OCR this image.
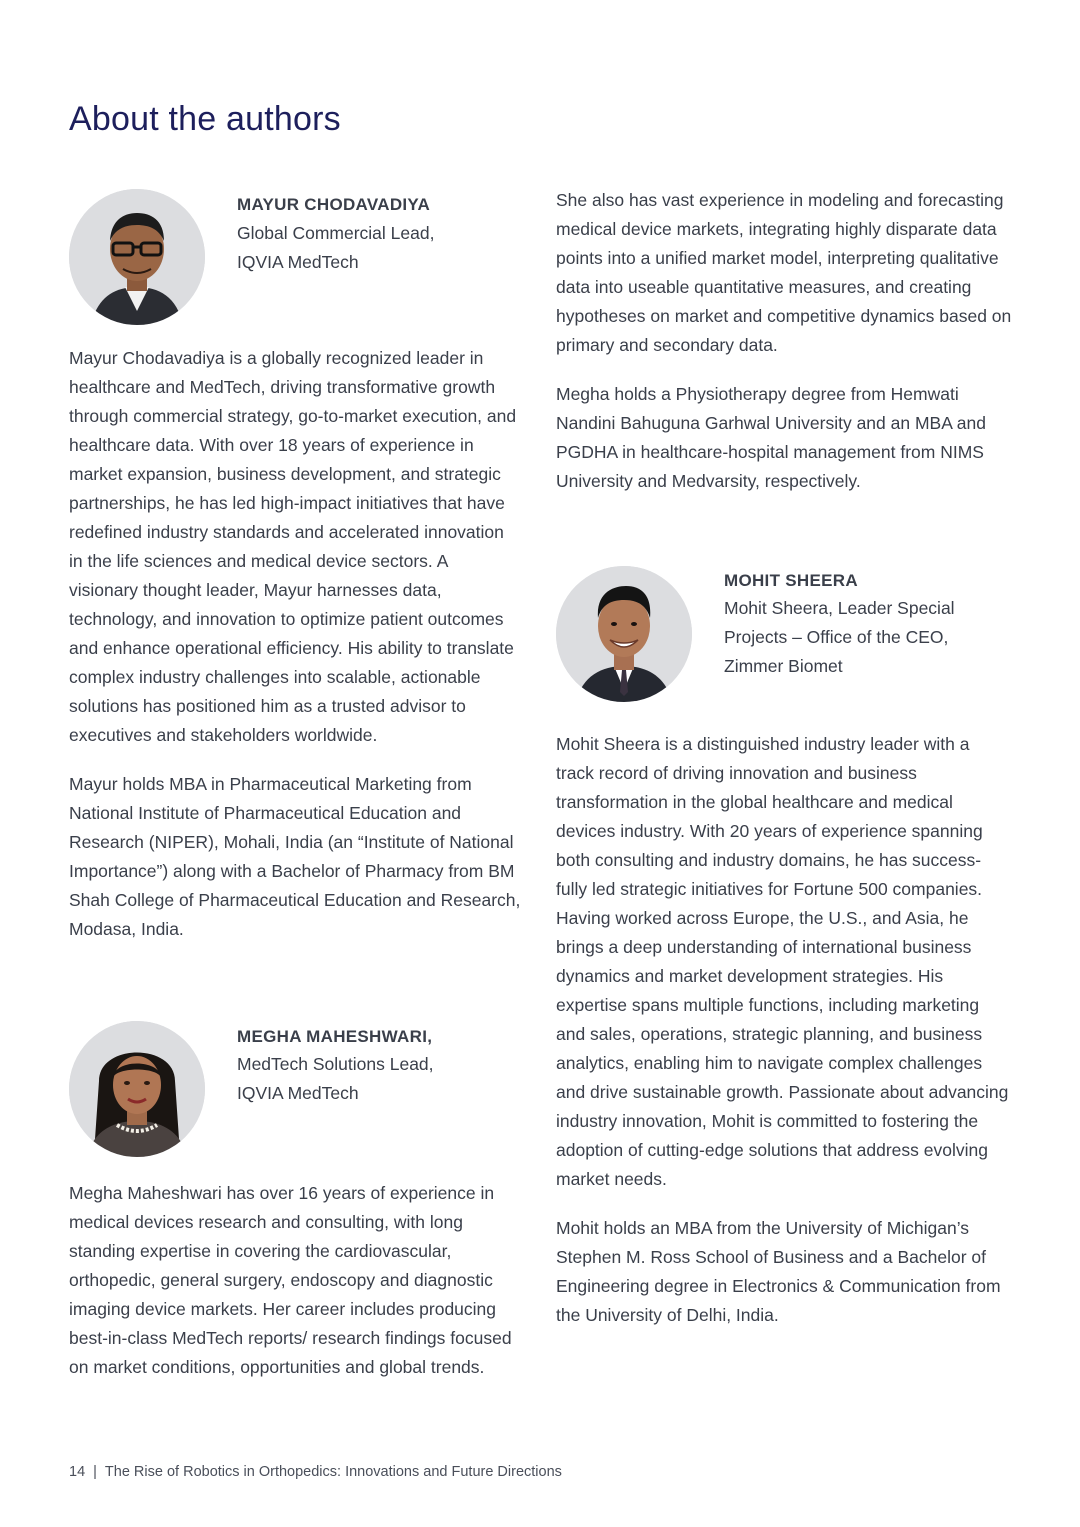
About the authors

MAYUR CHODAVADIYA

Global Commercial Lead,

IQVIA MedTech

Mayur Chodavadiya is a globally recognized leader in healthcare and MedTech, driving transformative growth through commercial strategy, go-to-market execution, and healthcare data. With over 18 years of experience in market expansion, business development, and strategic partnerships, he has led high-impact initiatives that have redefined industry standards and accelerated innovation in the life sciences and medical device sectors. A visionary thought leader, Mayur harnesses data, technology, and innovation to optimize patient outcomes and enhance operational efficiency. His ability to translate complex industry challenges into scalable, actionable solutions has positioned him as a trusted advisor to executives and stakeholders worldwide.

Mayur holds MBA in Pharmaceutical Marketing from National Institute of Pharmaceutical Education and Research (NIPER), Mohali, India (an “Institute of National Importance”) along with a Bachelor of Pharmacy from BM Shah College of Pharmaceutical Education and Research, Modasa, India.

MEGHA MAHESHWARI,

MedTech Solutions Lead,

IQVIA MedTech

Megha Maheshwari has over 16 years of experience in medical devices research and consulting, with long standing expertise in covering the cardiovascular, orthopedic, general surgery, endoscopy and diagnostic imaging device markets. Her career includes producing best-in-class MedTech reports/ research findings focused on market conditions, opportunities and global trends.

She also has vast experience in modeling and forecasting medical device markets, integrating highly disparate data points into a unified market model, interpreting qualitative data into useable quantitative measures, and creating hypotheses on market and competitive dynamics based on primary and secondary data.

Megha holds a Physiotherapy degree from Hemwati Nandini Bahuguna Garhwal University and an MBA and PGDHA in healthcare-hospital management from NIMS University and Medvarsity, respectively.

MOHIT SHEERA

Mohit Sheera, Leader Special

Projects – Office of the CEO,

Zimmer Biomet

Mohit Sheera is a distinguished industry leader with a track record of driving innovation and business transformation in the global healthcare and medical devices industry. With 20 years of experience spanning both consulting and industry domains, he has success-fully led strategic initiatives for Fortune 500 companies. Having worked across Europe, the U.S., and Asia, he brings a deep understanding of international business dynamics and market development strategies. His expertise spans multiple functions, including marketing and sales, operations, strategic planning, and business analytics, enabling him to navigate complex challenges and drive sustainable growth. Passionate about advancing industry innovation, Mohit is committed to fostering the adoption of cutting-edge solutions that address evolving market needs.

Mohit holds an MBA from the University of Michigan’s Stephen M. Ross School of Business and a Bachelor of Engineering degree in Electronics & Communication from the University of Delhi, India.

14 | The Rise of Robotics in Orthopedics: Innovations and Future Directions
